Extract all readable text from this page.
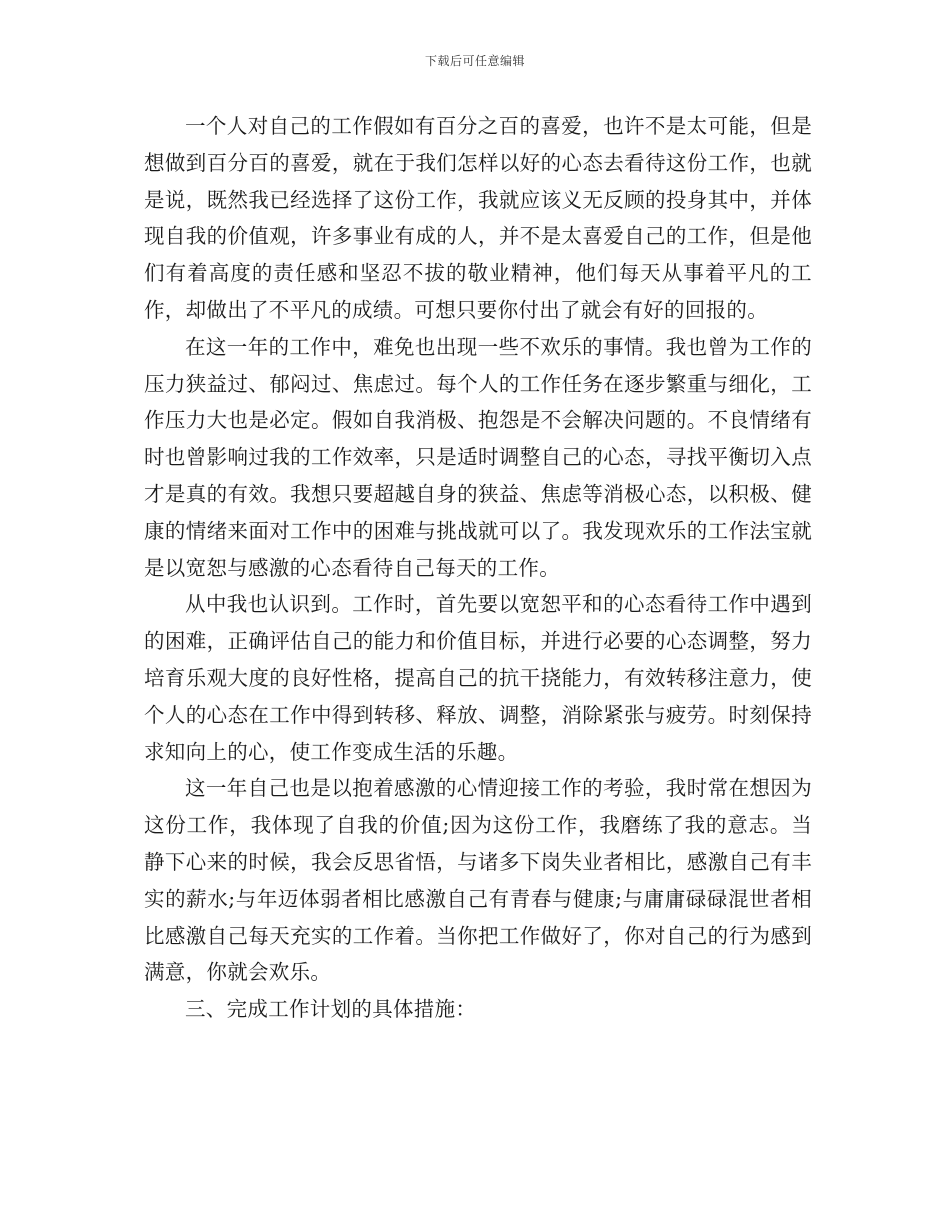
下载后可任意编辑

一个人对自己的工作假如有百分之百的喜爱，也许不是太可能，但是想做到百分百的喜爱，就在于我们怎样以好的心态去看待这份工作，也就是说，既然我已经选择了这份工作，我就应该义无反顾的投身其中，并体现自我的价值观，许多事业有成的人，并不是太喜爱自己的工作，但是他们有着高度的责任感和坚忍不拔的敬业精神，他们每天从事着平凡的工作，却做出了不平凡的成绩。可想只要你付出了就会有好的回报的。

在这一年的工作中，难免也出现一些不欢乐的事情。我也曾为工作的压力狭益过、郁闷过、焦虑过。每个人的工作任务在逐步繁重与细化，工作压力大也是必定。假如自我消极、抱怨是不会解决问题的。不良情绪有时也曾影响过我的工作效率，只是适时调整自己的心态，寻找平衡切入点才是真的有效。我想只要超越自身的狭益、焦虑等消极心态，以积极、健康的情绪来面对工作中的困难与挑战就可以了。我发现欢乐的工作法宝就是以宽恕与感激的心态看待自己每天的工作。

从中我也认识到。工作时，首先要以宽恕平和的心态看待工作中遇到的困难，正确评估自己的能力和价值目标，并进行必要的心态调整，努力培育乐观大度的良好性格，提高自己的抗干挠能力，有效转移注意力，使个人的心态在工作中得到转移、释放、调整，消除紧张与疲劳。时刻保持求知向上的心，使工作变成生活的乐趣。

这一年自己也是以抱着感激的心情迎接工作的考验，我时常在想因为这份工作，我体现了自我的价值;因为这份工作，我磨练了我的意志。当静下心来的时候，我会反思省悟，与诸多下岗失业者相比，感激自己有丰实的薪水;与年迈体弱者相比感激自己有青春与健康;与庸庸碌碌混世者相比感激自己每天充实的工作着。当你把工作做好了，你对自己的行为感到满意，你就会欢乐。

三、完成工作计划的具体措施：
